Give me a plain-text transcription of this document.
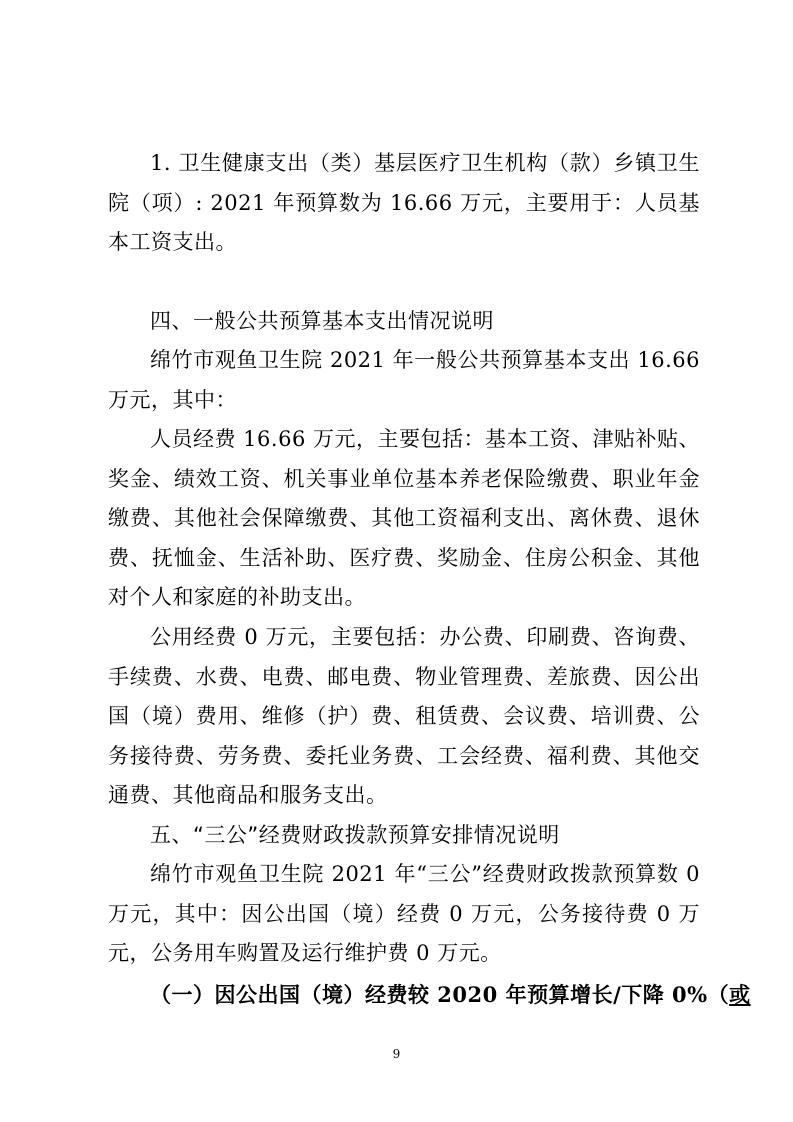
1. 卫生健康支出（类）基层医疗卫生机构（款）乡镇卫生院（项）: 2021 年预算数为 16.66 万元，主要用于：人员基本工资支出。

四、一般公共预算基本支出情况说明

绵竹市观鱼卫生院 2021 年一般公共预算基本支出 16.66 万元，其中：

人员经费 16.66 万元，主要包括：基本工资、津贴补贴、奖金、绩效工资、机关事业单位基本养老保险缴费、职业年金缴费、其他社会保障缴费、其他工资福利支出、离休费、退休费、抚恤金、生活补助、医疗费、奖励金、住房公积金、其他对个人和家庭的补助支出。

公用经费 0 万元，主要包括：办公费、印刷费、咨询费、手续费、水费、电费、邮电费、物业管理费、差旅费、因公出国（境）费用、维修（护）费、租赁费、会议费、培训费、公务接待费、劳务费、委托业务费、工会经费、福利费、其他交通费、其他商品和服务支出。

五、“三公”经费财政拨款预算安排情况说明

绵竹市观鱼卫生院 2021 年“三公”经费财政拨款预算数 0 万元，其中：因公出国（境）经费 0 万元，公务接待费 0 万元，公务用车购置及运行维护费 0 万元。

（一）因公出国（境）经费较 2020 年预算增长/下降 0%（或

9
